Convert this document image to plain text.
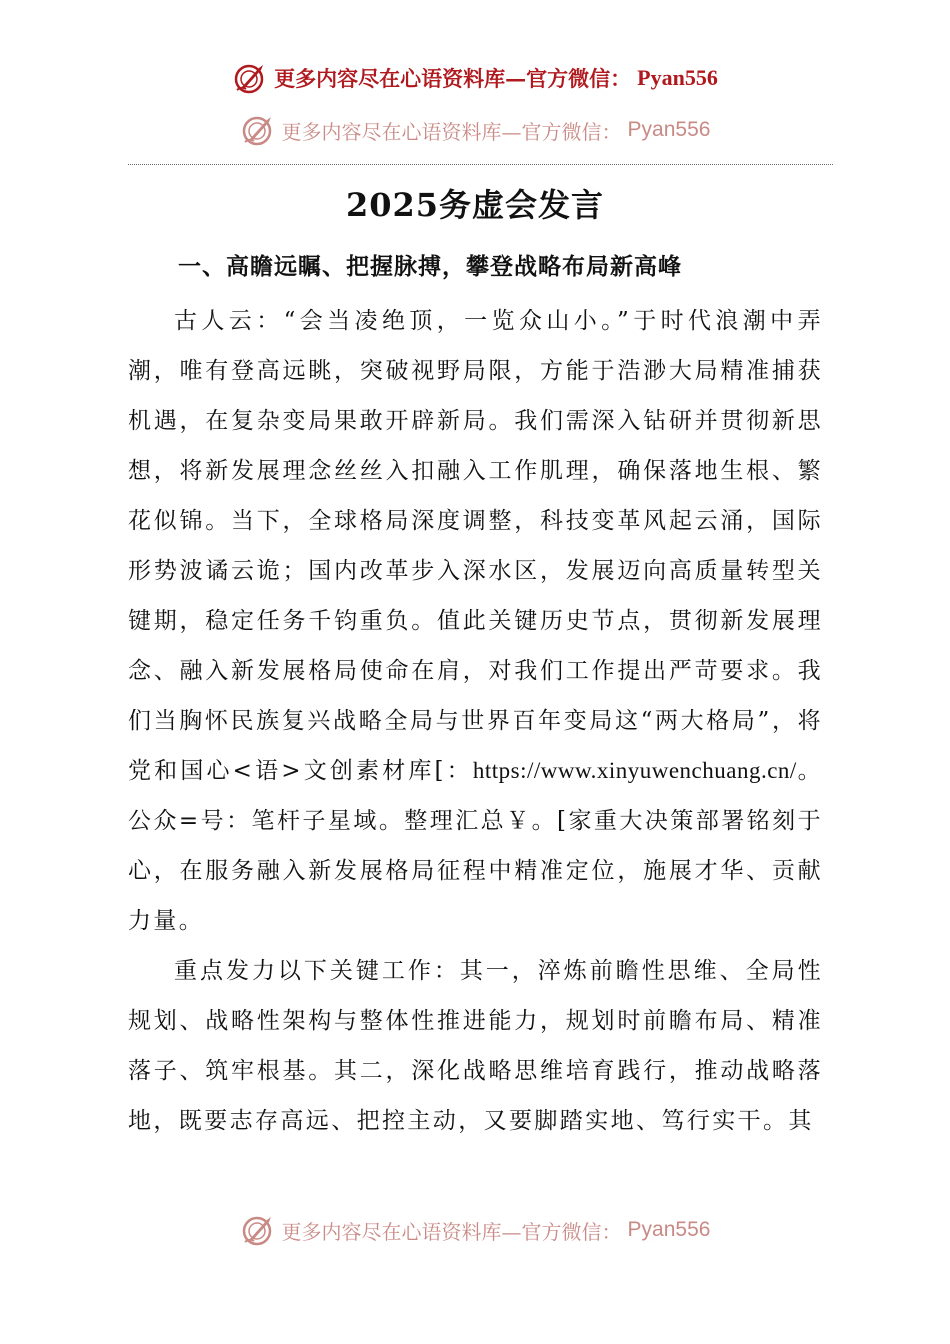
更多内容尽在心语资料库—官方微信： Pyan556
更多内容尽在心语资料库—官方微信： Pyan556
2025务虚会发言
一、高瞻远瞩、把握脉搏，攀登战略布局新高峰

古人云：“会当凌绝顶，一览众山小。”于时代浪潮中弄潮，唯有登高远眺，突破视野局限，方能于浩渺大局精准捕获机遇，在复杂变局果敢开辟新局。我们需深入钻研并贯彻新思想，将新发展理念丝丝入扣融入工作肌理，确保落地生根、繁花似锦。当下，全球格局深度调整，科技变革风起云涌，国际形势波谲云诡；国内改革步入深水区，发展迈向高质量转型关键期，稳定任务千钧重负。值此关键历史节点，贯彻新发展理念、融入新发展格局使命在肩，对我们工作提出严苛要求。我们当胸怀民族复兴战略全局与世界百年变局这“两大格局”，将党和国心<语>文创素材库[：https://www.xinyuwenchuang.cn/。公众=号：笔杆子星域。整理汇总￥。[家重大决策部署铭刻于心，在服务融入新发展格局征程中精准定位，施展才华、贡献力量。

重点发力以下关键工作：其一，淬炼前瞻性思维、全局性规划、战略性架构与整体性推进能力，规划时前瞻布局、精准落子、筑牢根基。其二，深化战略思维培育践行，推动战略落地，既要志存高远、把控主动，又要脚踏实地、笃行实干。其

更多内容尽在心语资料库—官方微信： Pyan556
